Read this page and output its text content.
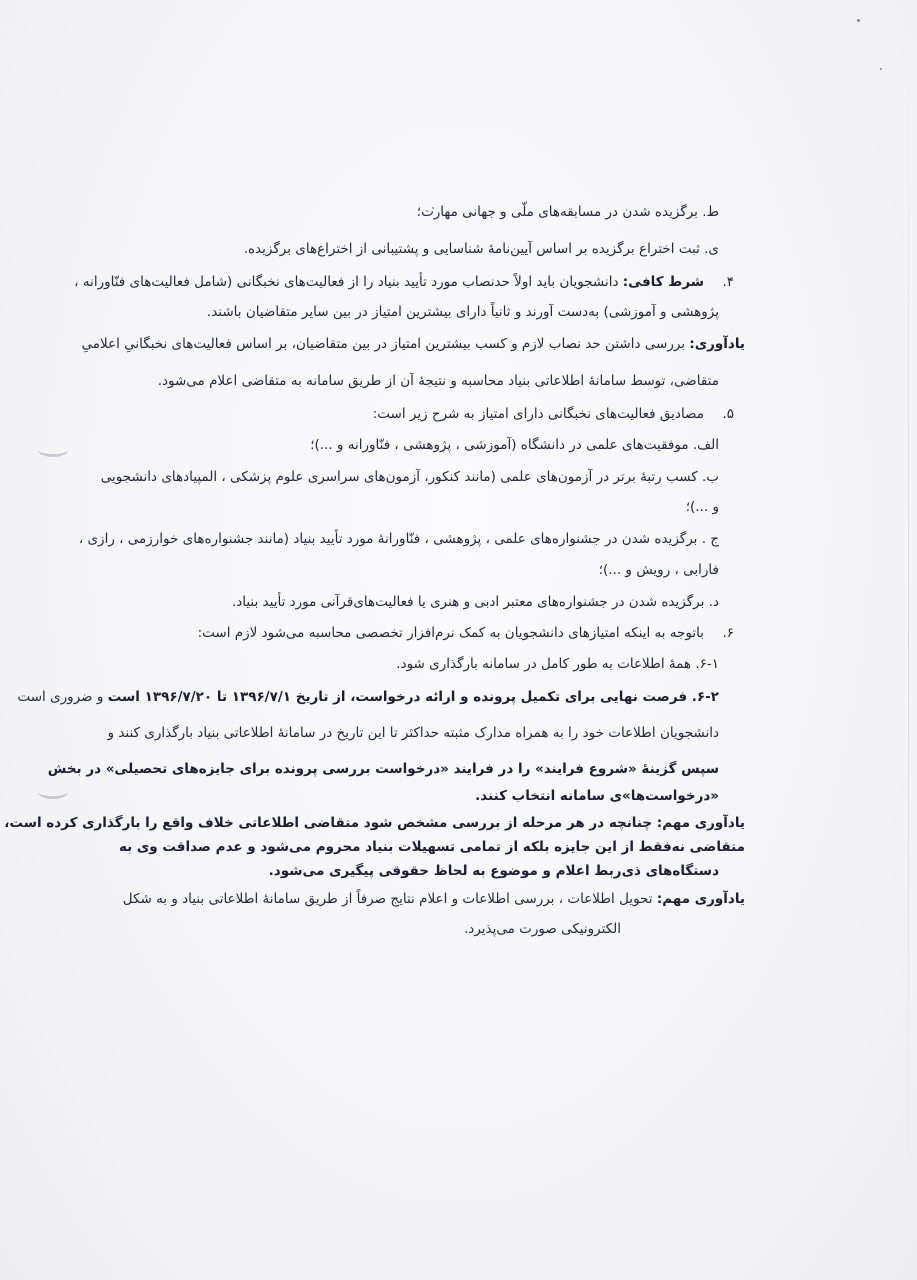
ط. برگزیده شدن در مسابقه‌های ملّی و جهانی مهارت؛
ی. ثبت اختراع برگزیده بر اساس آیین‌نامهٔ شناسایی و پشتیبانی از اختراع‌های برگزیده.
۴.
شرط کافی: دانشجویان باید اولاً حدنصاب مورد تأیید بنیاد را از فعالیت‌های نخبگانی (شامل فعالیت‌های فنّاورانه ،
پژوهشی و آموزشی) به‌دست آورند و ثانیاً دارای بیشترین امتیاز در بین سایر متقاضیان باشند.
یادآوری: بررسی داشتن حد نصاب لازم و کسب بیشترین امتیاز در بین متقاضیان، بر اساس فعالیت‌های نخبگانیِ اعلامیِ
متقاضی، توسط سامانهٔ اطلاعاتی بنیاد محاسبه و نتیجهٔ آن از طریق سامانه به متقاضی اعلام می‌شود.
۵.
مصادیق فعالیت‌های نخبگانی دارای امتیاز به شرح زیر است:
الف. موفقیت‌های علمی در دانشگاه (آموزشی ، پژوهشی ، فنّاورانه و ...)؛
ب. کسب رتبهٔ برتر در آزمون‌های علمی (مانند کنکور، آزمون‌های سراسری علوم پزشکی ، المپیادهای دانشجویی
و ...)؛
ج . برگزیده شدن در جشنواره‌های علمی ، پژوهشی ، فنّاورانهٔ مورد تأیید بنیاد (مانند جشنواره‌های خوارزمی ، رازی ،
فارابی ، رویش و ...)؛
د. برگزیده شدن در جشنواره‌های معتبر ادبی و هنری یا فعالیت‌های‌قرآنی مورد تأیید بنیاد.
۶.
باتوجه به اینکه امتیازهای دانشجویان به کمک نرم‌افزار تخصصی محاسبه می‌شود لازم است:
۶-۱. همهٔ اطلاعات به طور کامل در سامانه بارگذاری شود.
۶-۲. فرصت نهایی برای تکمیل پرونده و ارائه درخواست، از تاریخ ۱۳۹۶/۷/۱ تا ۱۳۹۶/۷/۲۰ است و ضروری است
دانشجویان اطلاعات خود را به همراه مدارک مثبته حداکثر تا این تاریخ در سامانهٔ اطلاعاتی بنیاد بارگذاری کنند و
سپس گزینهٔ «شروع فرایند» را در فرایند «درخواست بررسی پرونده برای جایزه‌های تحصیلی» در بخش
«درخواست‌ها»ی سامانه انتخاب کنند.
یادآوری مهم: چنانچه در هر مرحله از بررسی مشخص شود متقاضی اطلاعاتی خلاف واقع را بارگذاری کرده است،
متقاضی نه‌فقط از این جایزه بلکه از تمامی تسهیلات بنیاد محروم می‌شود و عدم صداقت وی به
دستگاه‌های ذی‌ربط اعلام و موضوع به لحاظ حقوقی پیگیری می‌شود.
یادآوری مهم: تحویل اطلاعات ، بررسی اطلاعات و اعلام نتایج صرفاً از طریق سامانهٔ اطلاعاتی بنیاد و به شکل
الکترونیکی صورت می‌پذیرد.
